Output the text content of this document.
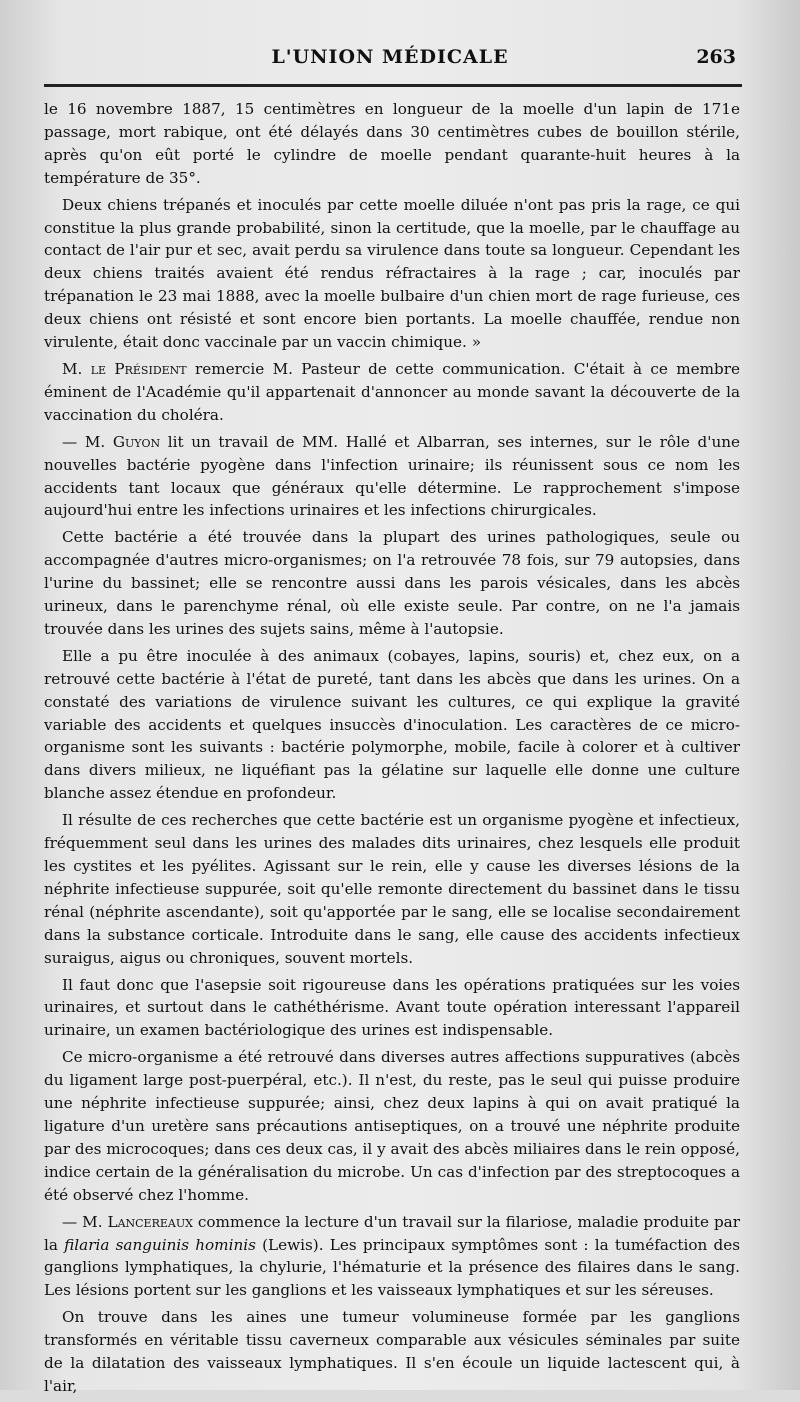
L'UNION MÉDICALE	263

le 16 novembre 1887, 15 centimètres en longueur de la moelle d'un lapin de 171e passage, mort rabique, ont été délayés dans 30 centimètres cubes de bouillon stérile, après qu'on eût porté le cylindre de moelle pendant quarante-huit heures à la température de 35°.

Deux chiens trépanés et inoculés par cette moelle diluée n'ont pas pris la rage, ce qui constitue la plus grande probabilité, sinon la certitude, que la moelle, par le chauffage au contact de l'air pur et sec, avait perdu sa virulence dans toute sa longueur. Cependant les deux chiens traités avaient été rendus réfractaires à la rage ; car, inoculés par trépanation le 23 mai 1888, avec la moelle bulbaire d'un chien mort de rage furieuse, ces deux chiens ont résisté et sont encore bien portants. La moelle chauffée, rendue non virulente, était donc vaccinale par un vaccin chimique. »

M. le Président remercie M. Pasteur de cette communication. C'était à ce membre éminent de l'Académie qu'il appartenait d'annoncer au monde savant la découverte de la vaccination du choléra.

— M. Guyon lit un travail de MM. Hallé et Albarran, ses internes, sur le rôle d'une nouvelles bactérie pyogène dans l'infection urinaire; ils réunissent sous ce nom les accidents tant locaux que généraux qu'elle détermine. Le rapprochement s'impose aujourd'hui entre les infections urinaires et les infections chirurgicales.

Cette bactérie a été trouvée dans la plupart des urines pathologiques, seule ou accompagnée d'autres micro-organismes; on l'a retrouvée 78 fois, sur 79 autopsies, dans l'urine du bassinet; elle se rencontre aussi dans les parois vésicales, dans les abcès urineux, dans le parenchyme rénal, où elle existe seule. Par contre, on ne l'a jamais trouvée dans les urines des sujets sains, même à l'autopsie.

Elle a pu être inoculée à des animaux (cobayes, lapins, souris) et, chez eux, on a retrouvé cette bactérie à l'état de pureté, tant dans les abcès que dans les urines. On a constaté des variations de virulence suivant les cultures, ce qui explique la gravité variable des accidents et quelques insuccès d'inoculation. Les caractères de ce micro-organisme sont les suivants : bactérie polymorphe, mobile, facile à colorer et à cultiver dans divers milieux, ne liquéfiant pas la gélatine sur laquelle elle donne une culture blanche assez étendue en profondeur.

Il résulte de ces recherches que cette bactérie est un organisme pyogène et infectieux, fréquemment seul dans les urines des malades dits urinaires, chez lesquels elle produit les cystites et les pyélites. Agissant sur le rein, elle y cause les diverses lésions de la néphrite infectieuse suppurée, soit qu'elle remonte directement du bassinet dans le tissu rénal (néphrite ascendante), soit qu'apportée par le sang, elle se localise secondairement dans la substance corticale. Introduite dans le sang, elle cause des accidents infectieux suraigus, aigus ou chroniques, souvent mortels.

Il faut donc que l'asepsie soit rigoureuse dans les opérations pratiquées sur les voies urinaires, et surtout dans le cathéthérisme. Avant toute opération interessant l'appareil urinaire, un examen bactériologique des urines est indispensable.

Ce micro-organisme a été retrouvé dans diverses autres affections suppuratives (abcès du ligament large post-puerpéral, etc.). Il n'est, du reste, pas le seul qui puisse produire une néphrite infectieuse suppurée; ainsi, chez deux lapins à qui on avait pratiqué la ligature d'un uretère sans précautions antiseptiques, on a trouvé une néphrite produite par des microcoques; dans ces deux cas, il y avait des abcès miliaires dans le rein opposé, indice certain de la généralisation du microbe. Un cas d'infection par des streptocoques a été observé chez l'homme.

— M. Lancereaux commence la lecture d'un travail sur la filariose, maladie produite par la filaria sanguinis hominis (Lewis). Les principaux symptômes sont : la tuméfaction des ganglions lymphatiques, la chylurie, l'hématurie et la présence des filaires dans le sang. Les lésions portent sur les ganglions et les vaisseaux lymphatiques et sur les séreuses.

On trouve dans les aines une tumeur volumineuse formée par les ganglions transformés en véritable tissu caverneux comparable aux vésicules séminales par suite de la dilatation des vaisseaux lymphatiques. Il s'en écoule un liquide lactescent qui, à l'air,
